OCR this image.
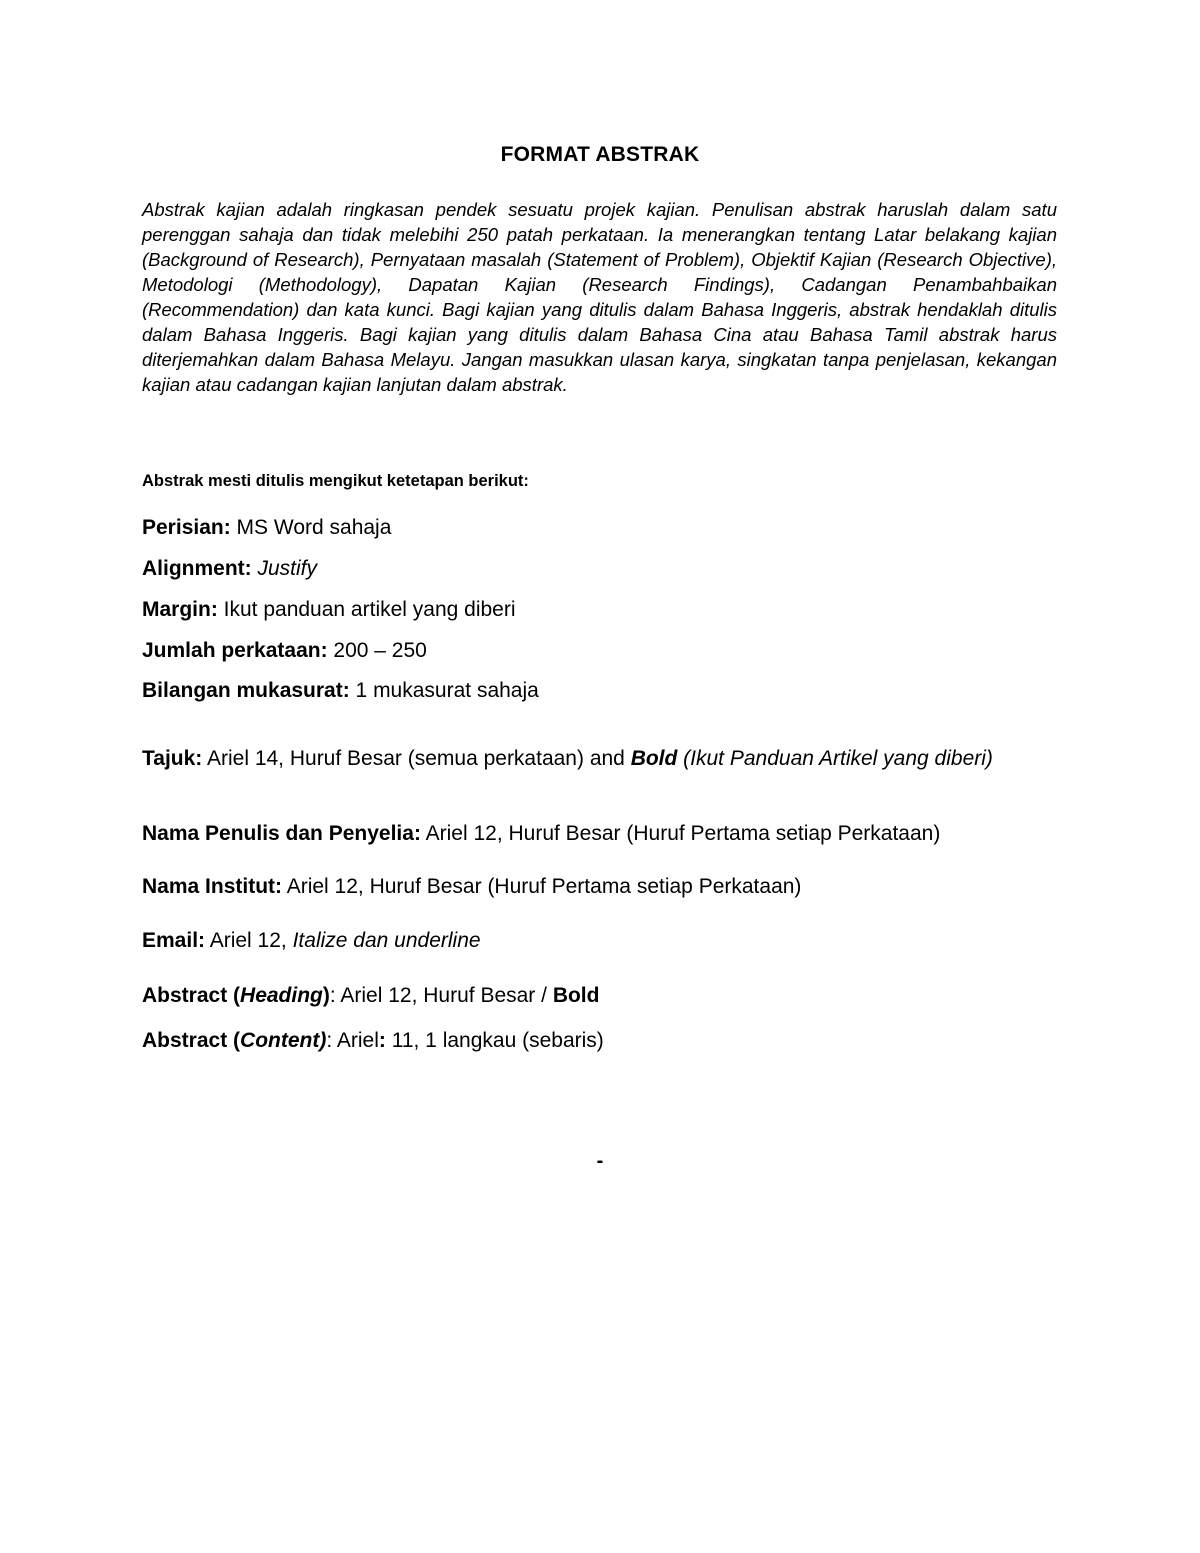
FORMAT ABSTRAK
Abstrak kajian adalah ringkasan pendek sesuatu projek kajian. Penulisan abstrak haruslah dalam satu perenggan sahaja dan tidak melebihi 250 patah perkataan. Ia menerangkan tentang Latar belakang kajian (Background of Research), Pernyataan masalah (Statement of Problem), Objektif Kajian (Research Objective), Metodologi (Methodology), Dapatan Kajian (Research Findings), Cadangan Penambahbaikan (Recommendation) dan kata kunci. Bagi kajian yang ditulis dalam Bahasa Inggeris, abstrak hendaklah ditulis dalam Bahasa Inggeris. Bagi kajian yang ditulis dalam Bahasa Cina atau Bahasa Tamil abstrak harus diterjemahkan dalam Bahasa Melayu. Jangan masukkan ulasan karya, singkatan tanpa penjelasan, kekangan kajian atau cadangan kajian lanjutan dalam abstrak.
Abstrak mesti ditulis mengikut ketetapan berikut:
Perisian: MS Word sahaja
Alignment: Justify
Margin: Ikut panduan artikel yang diberi
Jumlah perkataan: 200 – 250
Bilangan mukasurat: 1 mukasurat sahaja
Tajuk: Ariel 14, Huruf Besar (semua perkataan) and Bold (Ikut Panduan Artikel yang diberi)
Nama Penulis dan Penyelia: Ariel 12, Huruf Besar (Huruf Pertama setiap Perkataan)
Nama Institut: Ariel 12, Huruf Besar (Huruf Pertama setiap Perkataan)
Email: Ariel 12, Italize dan underline
Abstract (Heading): Ariel 12, Huruf Besar / Bold
Abstract (Content): Ariel: 11, 1 langkau (sebaris)
-
